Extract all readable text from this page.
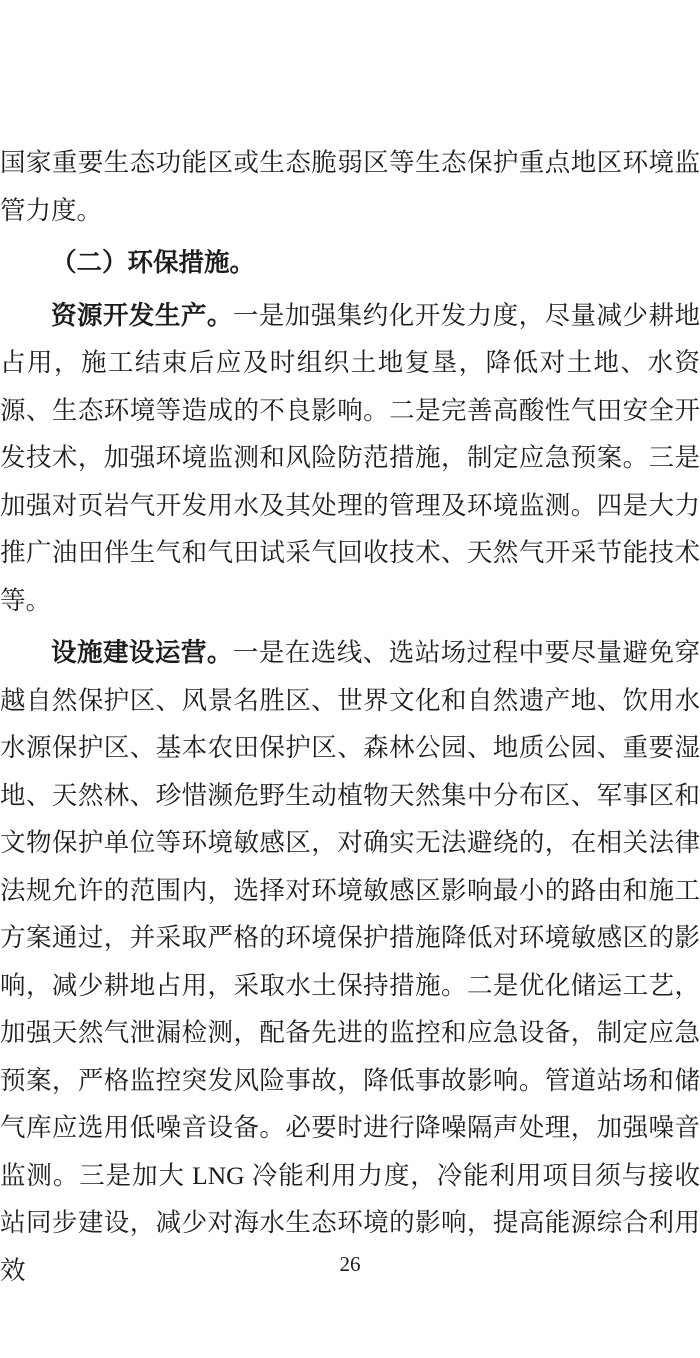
国家重要生态功能区或生态脆弱区等生态保护重点地区环境监管力度。

（二）环保措施。

资源开发生产。一是加强集约化开发力度，尽量减少耕地占用，施工结束后应及时组织土地复垦，降低对土地、水资源、生态环境等造成的不良影响。二是完善高酸性气田安全开发技术，加强环境监测和风险防范措施，制定应急预案。三是加强对页岩气开发用水及其处理的管理及环境监测。四是大力推广油田伴生气和气田试采气回收技术、天然气开采节能技术等。

设施建设运营。一是在选线、选站场过程中要尽量避免穿越自然保护区、风景名胜区、世界文化和自然遗产地、饮用水水源保护区、基本农田保护区、森林公园、地质公园、重要湿地、天然林、珍惜濒危野生动植物天然集中分布区、军事区和文物保护单位等环境敏感区，对确实无法避绕的，在相关法律法规允许的范围内，选择对环境敏感区影响最小的路由和施工方案通过，并采取严格的环境保护措施降低对环境敏感区的影响，减少耕地占用，采取水土保持措施。二是优化储运工艺，加强天然气泄漏检测，配备先进的监控和应急设备，制定应急预案，严格监控突发风险事故，降低事故影响。管道站场和储气库应选用低噪音设备。必要时进行降噪隔声处理，加强噪音监测。三是加大 LNG 冷能利用力度，冷能利用项目须与接收站同步建设，减少对海水生态环境的影响，提高能源综合利用效	26
